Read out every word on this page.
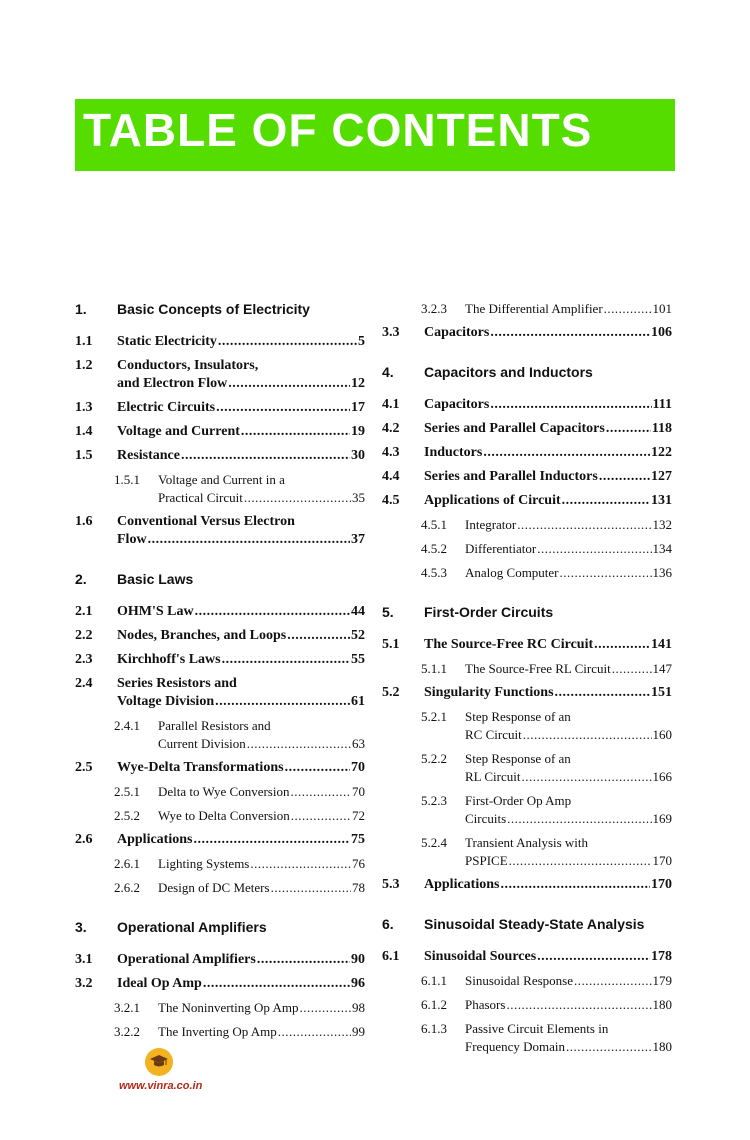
TABLE OF CONTENTS
1. Basic Concepts of Electricity
1.1 Static Electricity .....	5
1.2 Conductors, Insulators,
and Electron Flow .....	12
1.3 Electric Circuits .....	17
1.4 Voltage and Current .....	19
1.5 Resistance .....	30
1.5.1 Voltage and Current in a
Practical Circuit .....	35
1.6 Conventional Versus Electron
Flow .....	37
2. Basic Laws
2.1 OHM'S Law .....	44
2.2 Nodes, Branches, and Loops .....	52
2.3 Kirchhoff's Laws .....	55
2.4 Series Resistors and
Voltage Division .....	61
2.4.1 Parallel Resistors and
Current Division .....	63
2.5 Wye-Delta Transformations .....	70
2.5.1 Delta to Wye Conversion .....	70
2.5.2 Wye to Delta Conversion .....	72
2.6 Applications .....	75
2.6.1 Lighting Systems .....	76
2.6.2 Design of DC Meters .....	78
3. Operational Amplifiers
3.1 Operational Amplifiers .....	90
3.2 Ideal Op Amp .....	96
3.2.1 The Noninverting Op Amp .....	98
3.2.2 The Inverting Op Amp .....	99
3.2.3 The Differential Amplifier .....	101
3.3 Capacitors .....	106
4. Capacitors and Inductors
4.1 Capacitors .....	111
4.2 Series and Parallel Capacitors .....	118
4.3 Inductors .....	122
4.4 Series and Parallel Inductors .....	127
4.5 Applications of Circuit .....	131
4.5.1 Integrator .....	132
4.5.2 Differentiator .....	134
4.5.3 Analog Computer .....	136
5. First-Order Circuits
5.1 The Source-Free RC Circuit .....	141
5.1.1 The Source-Free RL Circuit .....	147
5.2 Singularity Functions .....	151
5.2.1 Step Response of an
RC Circuit .....	160
5.2.2 Step Response of an
RL Circuit .....	166
5.2.3 First-Order Op Amp
Circuits .....	169
5.2.4 Transient Analysis with
PSPICE .....	170
5.3 Applications .....	170
6. Sinusoidal Steady-State Analysis
6.1 Sinusoidal Sources .....	178
6.1.1 Sinusoidal Response .....	179
6.1.2 Phasors .....	180
6.1.3 Passive Circuit Elements in
Frequency Domain .....	180
www.vinra.co.in
